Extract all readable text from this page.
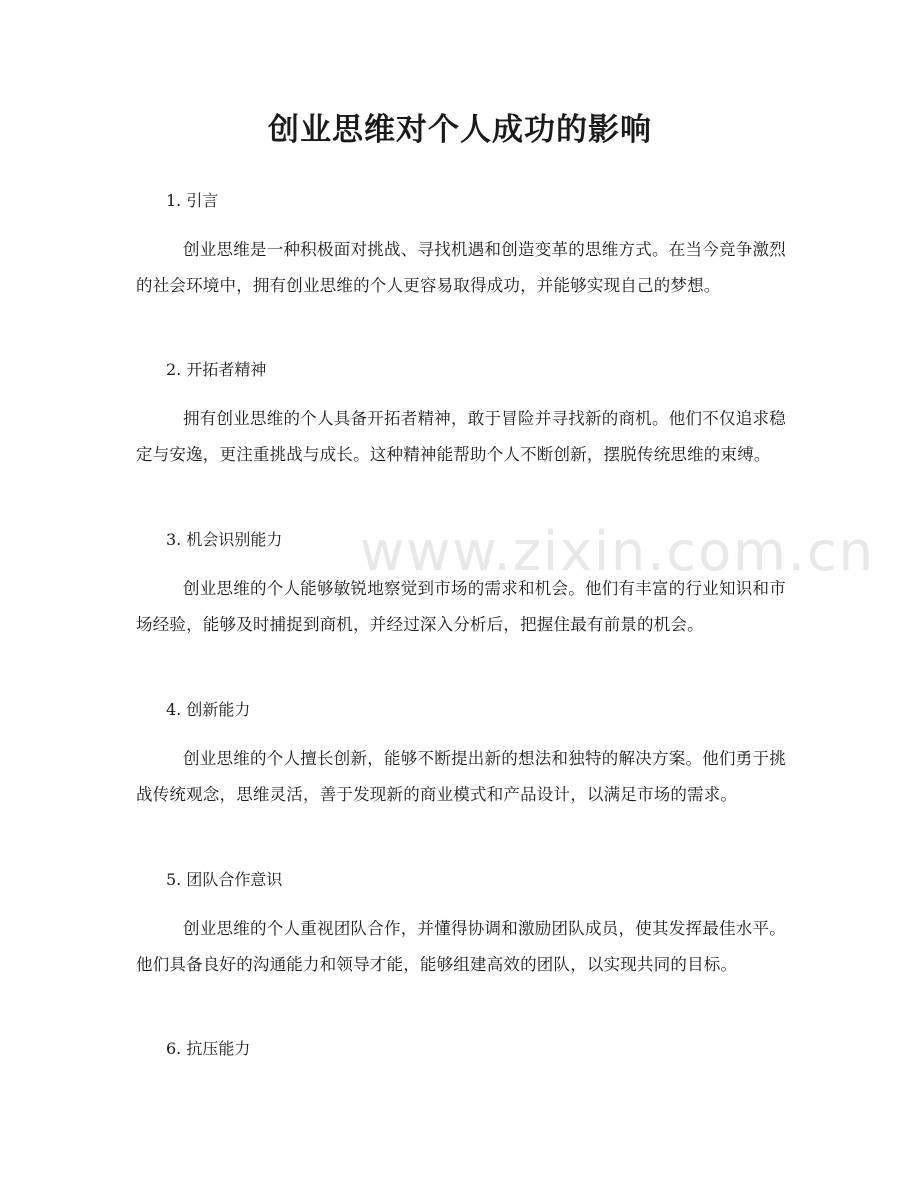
www.zixin.com.cn
创业思维对个人成功的影响
1. 引言

创业思维是一种积极面对挑战、寻找机遇和创造变革的思维方式。在当今竞争激烈的社会环境中，拥有创业思维的个人更容易取得成功，并能够实现自己的梦想。

2. 开拓者精神

拥有创业思维的个人具备开拓者精神，敢于冒险并寻找新的商机。他们不仅追求稳定与安逸，更注重挑战与成长。这种精神能帮助个人不断创新，摆脱传统思维的束缚。

3. 机会识别能力

创业思维的个人能够敏锐地察觉到市场的需求和机会。他们有丰富的行业知识和市场经验，能够及时捕捉到商机，并经过深入分析后，把握住最有前景的机会。

4. 创新能力

创业思维的个人擅长创新，能够不断提出新的想法和独特的解决方案。他们勇于挑战传统观念，思维灵活，善于发现新的商业模式和产品设计，以满足市场的需求。

5. 团队合作意识

创业思维的个人重视团队合作，并懂得协调和激励团队成员，使其发挥最佳水平。他们具备良好的沟通能力和领导才能，能够组建高效的团队，以实现共同的目标。

6. 抗压能力
